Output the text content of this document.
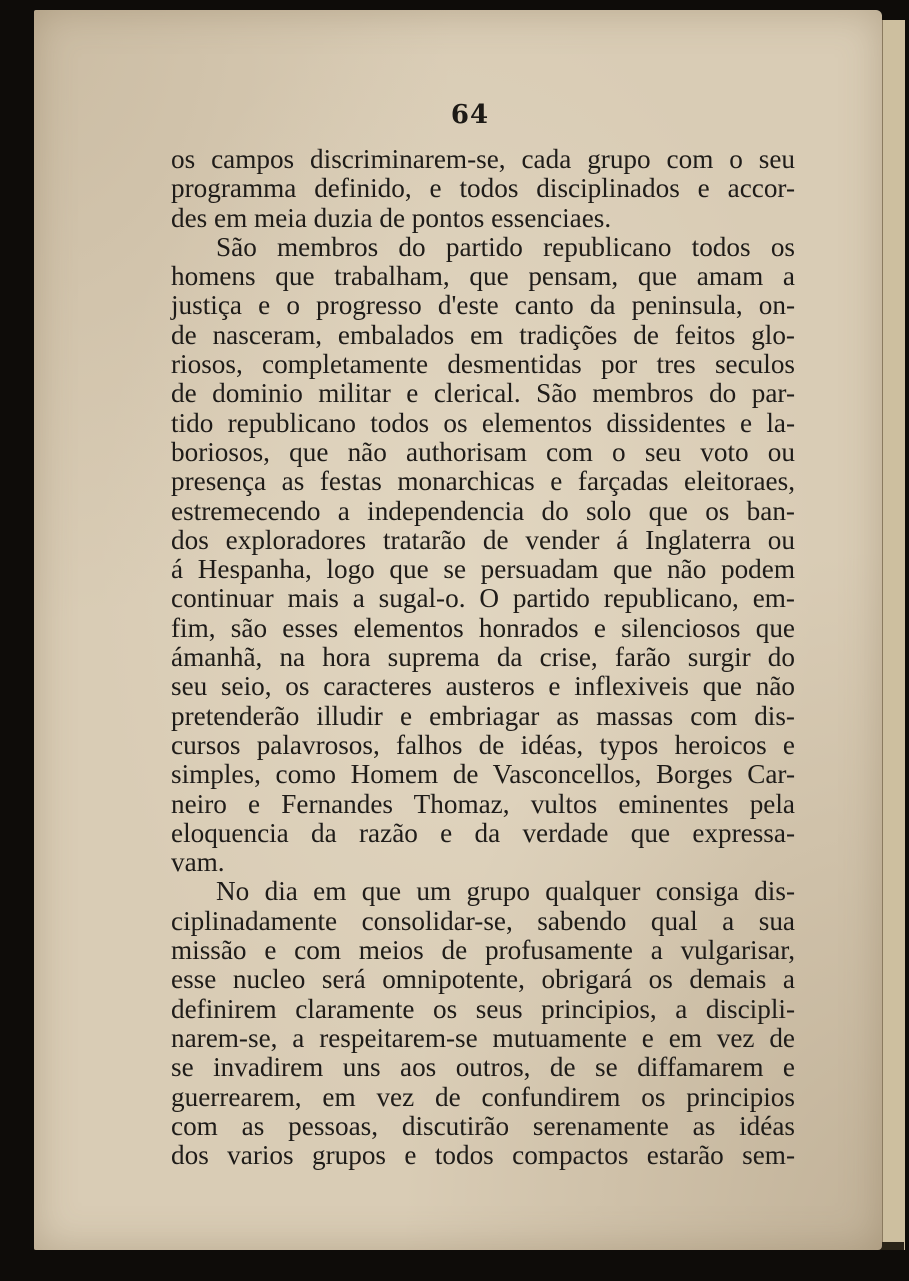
64
os campos discriminarem-se, cada grupo com o seu
programma definido, e todos disciplinados e accor-
des em meia duzia de pontos essenciaes.
São membros do partido republicano todos os
homens que trabalham, que pensam, que amam a
justiça e o progresso d'este canto da peninsula, on-
de nasceram, embalados em tradições de feitos glo-
riosos, completamente desmentidas por tres seculos
de dominio militar e clerical. São membros do par-
tido republicano todos os elementos dissidentes e la-
boriosos, que não authorisam com o seu voto ou
presença as festas monarchicas e farçadas eleitoraes,
estremecendo a independencia do solo que os ban-
dos exploradores tratarão de vender á Inglaterra ou
á Hespanha, logo que se persuadam que não podem
continuar mais a sugal-o. O partido republicano, em-
fim, são esses elementos honrados e silenciosos que
ámanhã, na hora suprema da crise, farão surgir do
seu seio, os caracteres austeros e inflexiveis que não
pretenderão illudir e embriagar as massas com dis-
cursos palavrosos, falhos de idéas, typos heroicos e
simples, como Homem de Vasconcellos, Borges Car-
neiro e Fernandes Thomaz, vultos eminentes pela
eloquencia da razão e da verdade que expressa-
vam.
No dia em que um grupo qualquer consiga dis-
ciplinadamente consolidar-se, sabendo qual a sua
missão e com meios de profusamente a vulgarisar,
esse nucleo será omnipotente, obrigará os demais a
definirem claramente os seus principios, a discipli-
narem-se, a respeitarem-se mutuamente e em vez de
se invadirem uns aos outros, de se diffamarem e
guerrearem, em vez de confundirem os principios
com as pessoas, discutirão serenamente as idéas
dos varios grupos e todos compactos estarão sem-
